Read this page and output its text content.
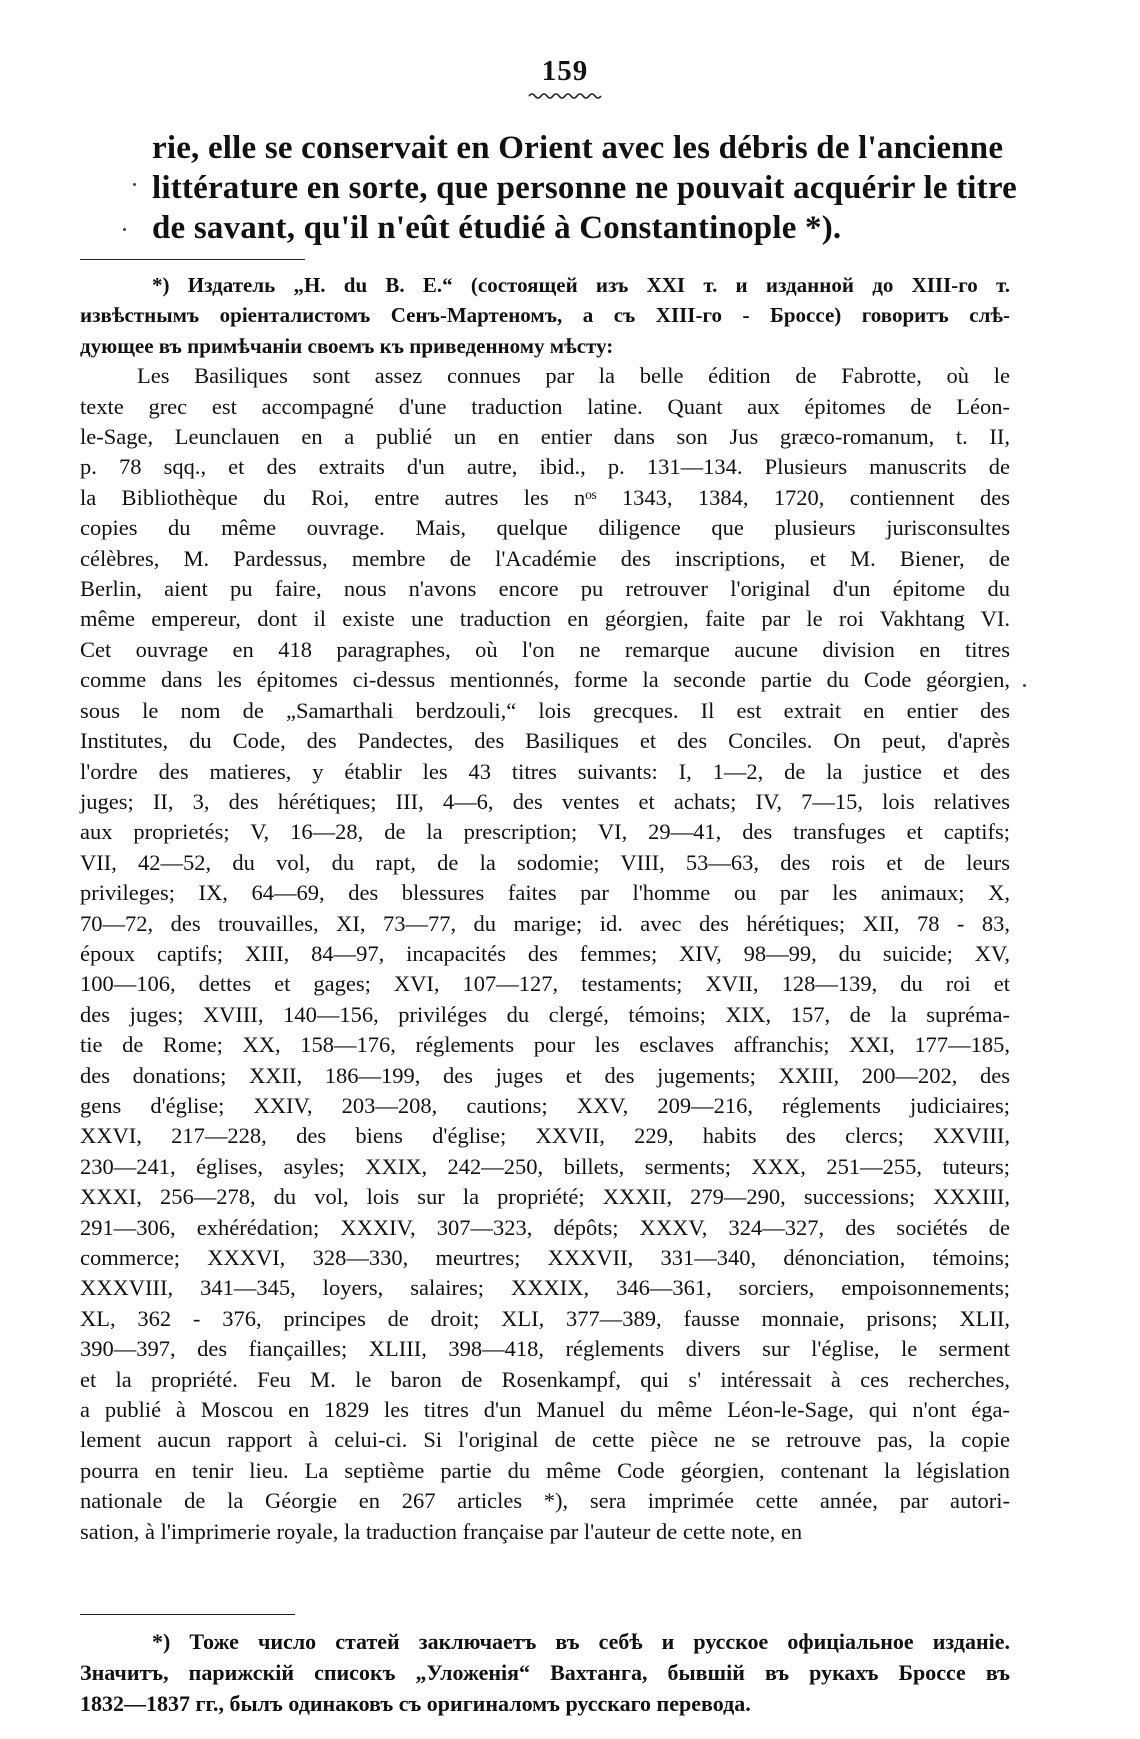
159
rie, elle se conservait en Orient avec les débris de l'ancienne
littérature en sorte, que personne ne pouvait acquérir le titre
de savant, qu'il n'eût étudié à Constantinople *).
*) Издатель „H. du B. E.“ (состоящей изъ XXI т. и изданной до XIII-го т.
извѣстнымъ оріенталистомъ Сенъ-Мартеномъ, а съ XIII-го - Броссе) говоритъ слѣ-
дующее въ примѣчаніи своемъ къ приведенному мѣсту:
Les Basiliques sont assez connues par la belle édition de Fabrotte, où le
texte grec est accompagné d'une traduction latine. Quant aux épitomes de Léon-
le-Sage, Leunclauen en a publié un en entier dans son Jus græco-romanum, t. II,
p. 78 sqq., et des extraits d'un autre, ibid., p. 131—134. Plusieurs manuscrits de
la Bibliothèque du Roi, entre autres les nᵒˢ 1343, 1384, 1720, contiennent des
copies du même ouvrage. Mais, quelque diligence que plusieurs jurisconsultes
célèbres, M. Pardessus, membre de l'Académie des inscriptions, et M. Biener, de
Berlin, aient pu faire, nous n'avons encore pu retrouver l'original d'un épitome du
même empereur, dont il existe une traduction en géorgien, faite par le roi Vakhtang VI.
Cet ouvrage en 418 paragraphes, où l'on ne remarque aucune division en titres
comme dans les épitomes ci-dessus mentionnés, forme la seconde partie du Code géorgien,
sous le nom de „Samarthali berdzouli,“ lois grecques. Il est extrait en entier des
Institutes, du Code, des Pandectes, des Basiliques et des Conciles. On peut, d'après
l'ordre des matieres, y établir les 43 titres suivants: I, 1—2, de la justice et des
juges; II, 3, des hérétiques; III, 4—6, des ventes et achats; IV, 7—15, lois relatives
aux proprietés; V, 16—28, de la prescription; VI, 29—41, des transfuges et captifs;
VII, 42—52, du vol, du rapt, de la sodomie; VIII, 53—63, des rois et de leurs
privileges; IX, 64—69, des blessures faites par l'homme ou par les animaux; X,
70—72, des trouvailles, XI, 73—77, du marige; id. avec des hérétiques; XII, 78 - 83,
époux captifs; XIII, 84—97, incapacités des femmes; XIV, 98—99, du suicide; XV,
100—106, dettes et gages; XVI, 107—127, testaments; XVII, 128—139, du roi et
des juges; XVIII, 140—156, priviléges du clergé, témoins; XIX, 157, de la supréma-
tie de Rome; XX, 158—176, réglements pour les esclaves affranchis; XXI, 177—185,
des donations; XXII, 186—199, des juges et des jugements; XXIII, 200—202, des
gens d'église; XXIV, 203—208, cautions; XXV, 209—216, réglements judiciaires;
XXVI, 217—228, des biens d'église; XXVII, 229, habits des clercs; XXVIII,
230—241, églises, asyles; XXIX, 242—250, billets, serments; XXX, 251—255, tuteurs;
XXXI, 256—278, du vol, lois sur la propriété; XXXII, 279—290, successions; XXXIII,
291—306, exhérédation; XXXIV, 307—323, dépôts; XXXV, 324—327, des sociétés de
commerce; XXXVI, 328—330, meurtres; XXXVII, 331—340, dénonciation, témoins;
XXXVIII, 341—345, loyers, salaires; XXXIX, 346—361, sorciers, empoisonnements;
XL, 362 - 376, principes de droit; XLI, 377—389, fausse monnaie, prisons; XLII,
390—397, des fiançailles; XLIII, 398—418, réglements divers sur l'église, le serment
et la propriété. Feu M. le baron de Rosenkampf, qui s' intéressait à ces recherches,
a publié à Moscou en 1829 les titres d'un Manuel du même Léon-le-Sage, qui n'ont éga-
lement aucun rapport à celui-ci. Si l'original de cette pièce ne se retrouve pas, la copie
pourra en tenir lieu. La septième partie du même Code géorgien, contenant la législation
nationale de la Géorgie en 267 articles *), sera imprimée cette année, par autori-
sation, à l'imprimerie royale, la traduction française par l'auteur de cette note, en
*) Тоже число статей заключаетъ въ себѣ и русское офиціальное изданіе.
Значитъ, парижскій списокъ „Уложенія“ Вахтанга, бывшій въ рукахъ Броссе въ
1832—1837 гг., былъ одинаковъ съ оригиналомъ русскаго перевода.
